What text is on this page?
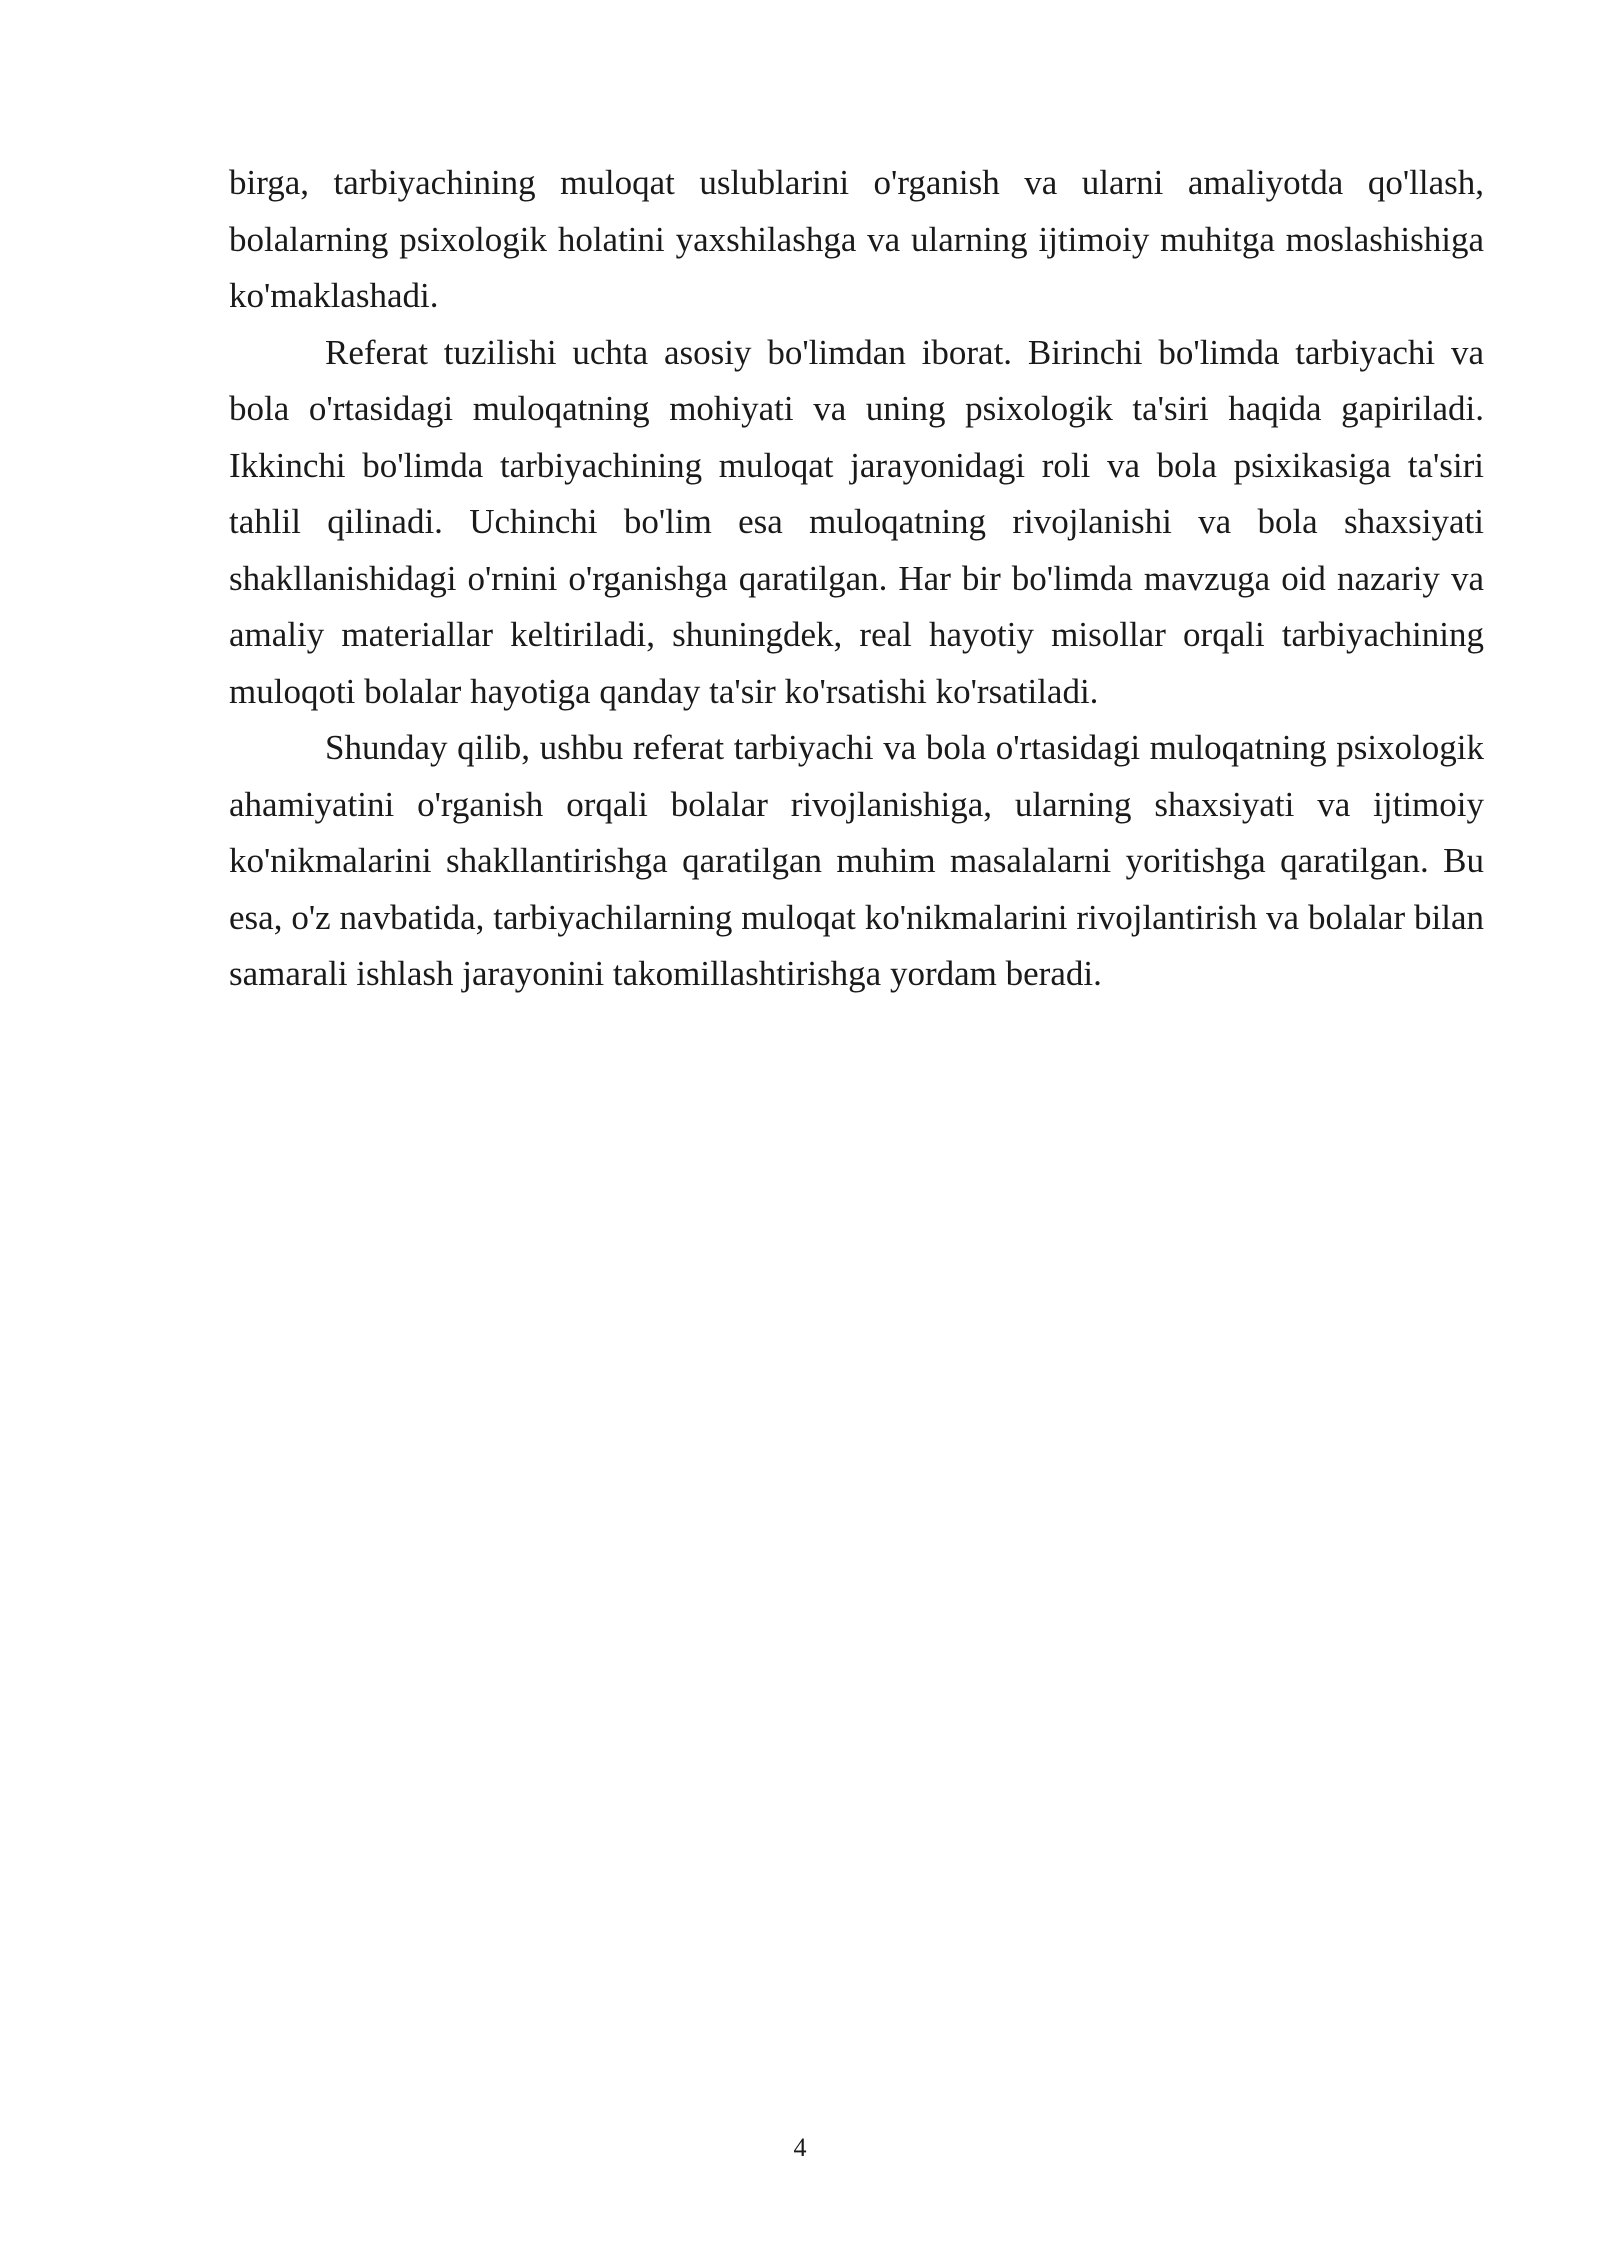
birga, tarbiyachining muloqat uslublarini o'rganish va ularni amaliyotda qo'llash, bolalarning psixologik holatini yaxshilashga va ularning ijtimoiy muhitga moslashishiga ko'maklashadi.

Referat tuzilishi uchta asosiy bo'limdan iborat. Birinchi bo'limda tarbiyachi va bola o'rtasidagi muloqatning mohiyati va uning psixologik ta'siri haqida gapiriladi. Ikkinchi bo'limda tarbiyachining muloqat jarayonidagi roli va bola psixikasiga ta'siri tahlil qilinadi. Uchinchi bo'lim esa muloqatning rivojlanishi va bola shaxsiyati shakllanishidagi o'rnini o'rganishga qaratilgan. Har bir bo'limda mavzuga oid nazariy va amaliy materiallar keltiriladi, shuningdek, real hayotiy misollar orqali tarbiyachining muloqoti bolalar hayotiga qanday ta'sir ko'rsatishi ko'rsatiladi.

Shunday qilib, ushbu referat tarbiyachi va bola o'rtasidagi muloqatning psixologik ahamiyatini o'rganish orqali bolalar rivojlanishiga, ularning shaxsiyati va ijtimoiy ko'nikmalarini shakllantirishga qaratilgan muhim masalalarni yoritishga qaratilgan. Bu esa, o'z navbatida, tarbiyachilarning muloqat ko'nikmalarini rivojlantirish va bolalar bilan samarali ishlash jarayonini takomillashtirishga yordam beradi.

4
